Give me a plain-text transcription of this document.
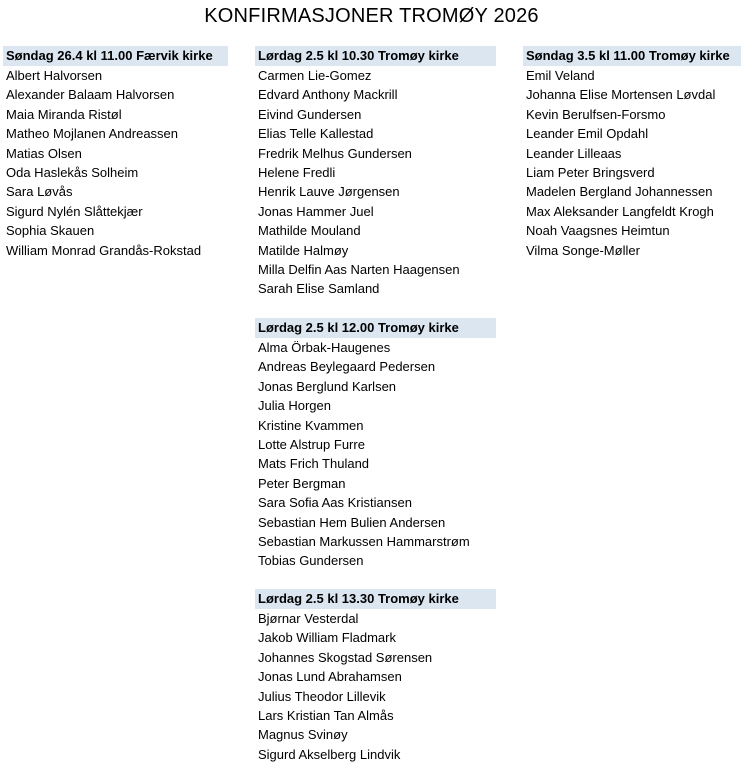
KONFIRMASJONER TROMØY 2026
Søndag 26.4 kl 11.00 Færvik kirke
Albert Halvorsen
Alexander Balaam Halvorsen
Maia Miranda Ristøl
Matheo Mojlanen Andreassen
Matias Olsen
Oda Haslekås Solheim
Sara Løvås
Sigurd Nylén Slåttekjær
Sophia Skauen
William Monrad Grandås-Rokstad
Lørdag 2.5 kl 10.30 Tromøy kirke
Carmen Lie-Gomez
Edvard Anthony Mackrill
Eivind Gundersen
Elias Telle Kallestad
Fredrik Melhus Gundersen
Helene Fredli
Henrik Lauve Jørgensen
Jonas Hammer Juel
Mathilde Mouland
Matilde Halmøy
Milla Delfin Aas Narten Haagensen
Sarah Elise Samland
Lørdag 2.5 kl 12.00 Tromøy kirke
Alma Örbak-Haugenes
Andreas Beylegaard Pedersen
Jonas Berglund Karlsen
Julia Horgen
Kristine Kvammen
Lotte Alstrup Furre
Mats Frich Thuland
Peter Bergman
Sara Sofia Aas Kristiansen
Sebastian Hem Bulien Andersen
Sebastian Markussen Hammarstrøm
Tobias Gundersen
Lørdag 2.5 kl 13.30 Tromøy kirke
Bjørnar Vesterdal
Jakob William Fladmark
Johannes Skogstad Sørensen
Jonas Lund Abrahamsen
Julius Theodor Lillevik
Lars Kristian Tan Almås
Magnus Svinøy
Sigurd Akselberg Lindvik
Søndag 3.5 kl 11.00 Tromøy kirke
Emil Veland
Johanna Elise Mortensen Løvdal
Kevin Berulfsen-Forsmo
Leander Emil Opdahl
Leander Lilleaas
Liam Peter Bringsverd
Madelen Bergland Johannessen
Max Aleksander Langfeldt Krogh
Noah Vaagsnes Heimtun
Vilma Songe-Møller
